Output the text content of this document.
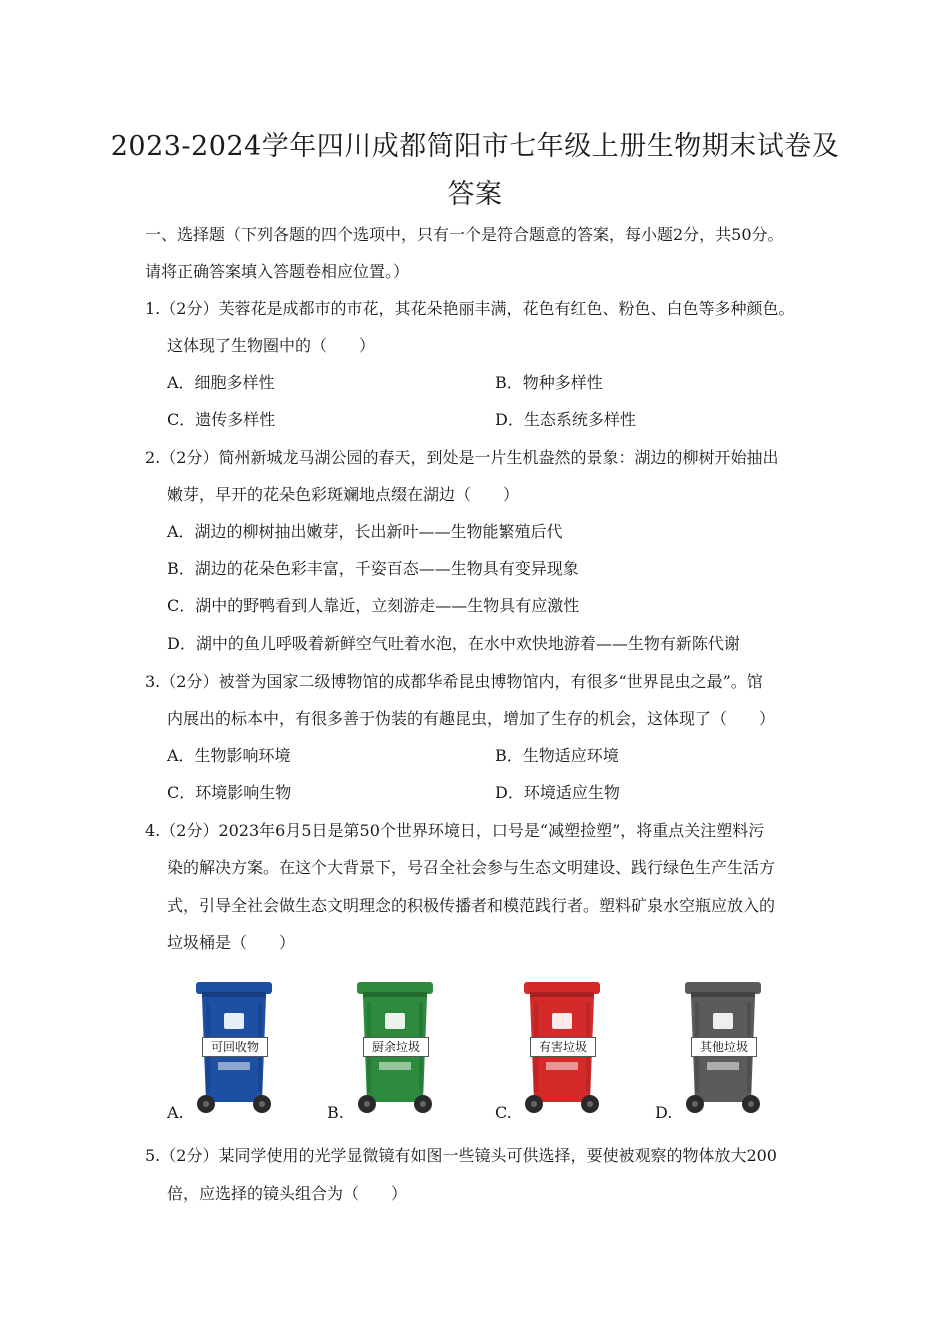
2023-2024学年四川成都简阳市七年级上册生物期末试卷及
答案
一、选择题（下列各题的四个选项中，只有一个是符合题意的答案，每小题2分，共50分。
请将正确答案填入答题卷相应位置。）
1.（2分）芙蓉花是成都市的市花，其花朵艳丽丰满，花色有红色、粉色、白色等多种颜色。
这体现了生物圈中的（　　）
A．细胞多样性	B．物种多样性
C．遗传多样性	D．生态系统多样性
2.（2分）简州新城龙马湖公园的春天，到处是一片生机盎然的景象：湖边的柳树开始抽出
嫩芽，早开的花朵色彩斑斓地点缀在湖边（　　）
A．湖边的柳树抽出嫩芽，长出新叶——生物能繁殖后代
B．湖边的花朵色彩丰富，千姿百态——生物具有变异现象
C．湖中的野鸭看到人靠近，立刻游走——生物具有应激性
D．湖中的鱼儿呼吸着新鲜空气吐着水泡，在水中欢快地游着——生物有新陈代谢
3.（2分）被誉为国家二级博物馆的成都华希昆虫博物馆内，有很多“世界昆虫之最”。馆
内展出的标本中，有很多善于伪装的有趣昆虫，增加了生存的机会，这体现了（　　）
A．生物影响环境	B．生物适应环境
C．环境影响生物	D．环境适应生物
4.（2分）2023年6月5日是第50个世界环境日，口号是“减塑捡塑”，将重点关注塑料污
染的解决方案。在这个大背景下，号召全社会参与生态文明建设、践行绿色生产生活方
式，引导全社会做生态文明理念的积极传播者和模范践行者。塑料矿泉水空瓶应放入的
垃圾桶是（　　）
A.	B.	C.	D.
可回收物	厨余垃圾	有害垃圾	其他垃圾
5.（2分）某同学使用的光学显微镜有如图一些镜头可供选择，要使被观察的物体放大200
倍，应选择的镜头组合为（　　）
